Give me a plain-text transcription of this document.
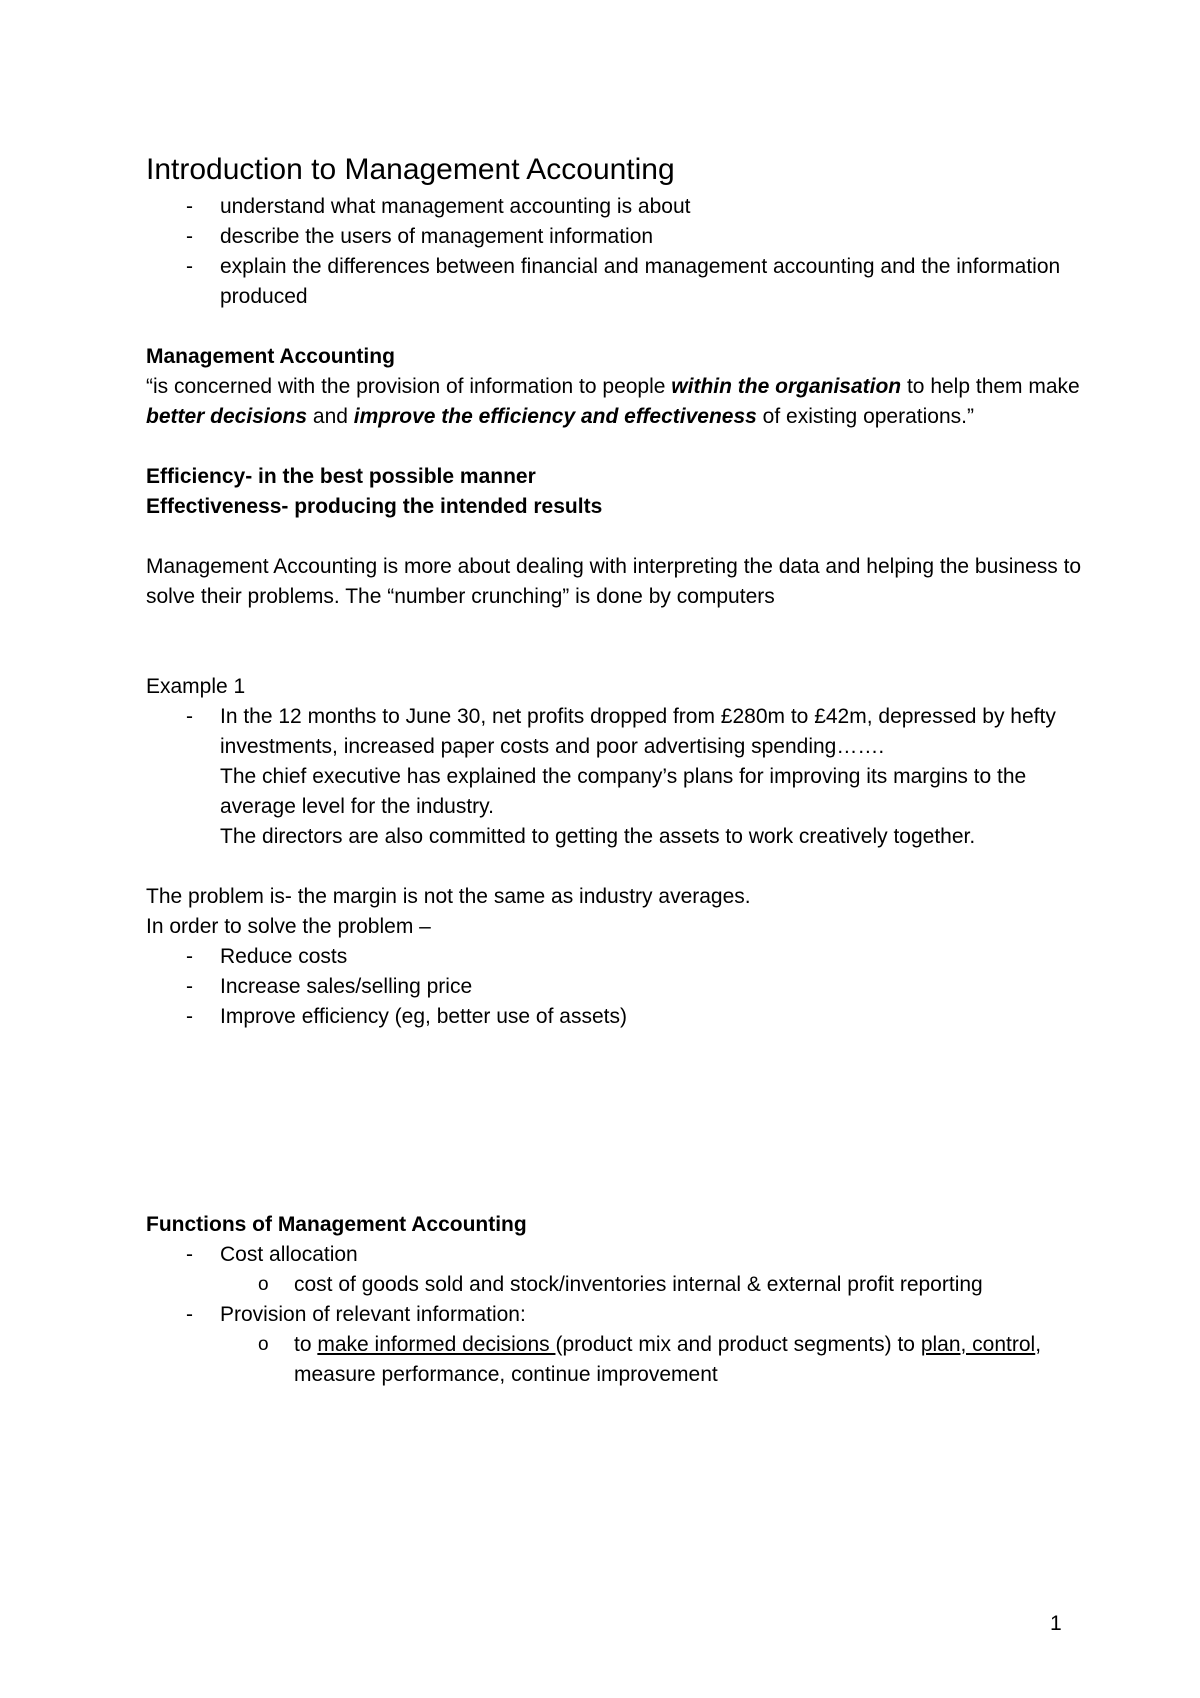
Introduction to Management Accounting
- understand what management accounting is about
- describe the users of management information
- explain the differences between financial and management accounting and the information produced
Management Accounting
“is concerned with the provision of information to people within the organisation to help them make better decisions and improve the efficiency and effectiveness of existing operations.”
Efficiency- in the best possible manner
Effectiveness- producing the intended results
Management Accounting is more about dealing with interpreting the data and helping the business to solve their problems. The “number crunching” is done by computers
Example 1
- In the 12 months to June 30, net profits dropped from £280m to £42m, depressed by hefty investments, increased paper costs and poor advertising spending…….
The chief executive has explained the company’s plans for improving its margins to the average level for the industry.
The directors are also committed to getting the assets to work creatively together.
The problem is- the margin is not the same as industry averages.
In order to solve the problem –
- Reduce costs
- Increase sales/selling price
- Improve efficiency (eg, better use of assets)
Functions of Management Accounting
- Cost allocation
o cost of goods sold and stock/inventories internal & external profit reporting
- Provision of relevant information:
o to make informed decisions (product mix and product segments) to plan, control, measure performance, continue improvement
1
